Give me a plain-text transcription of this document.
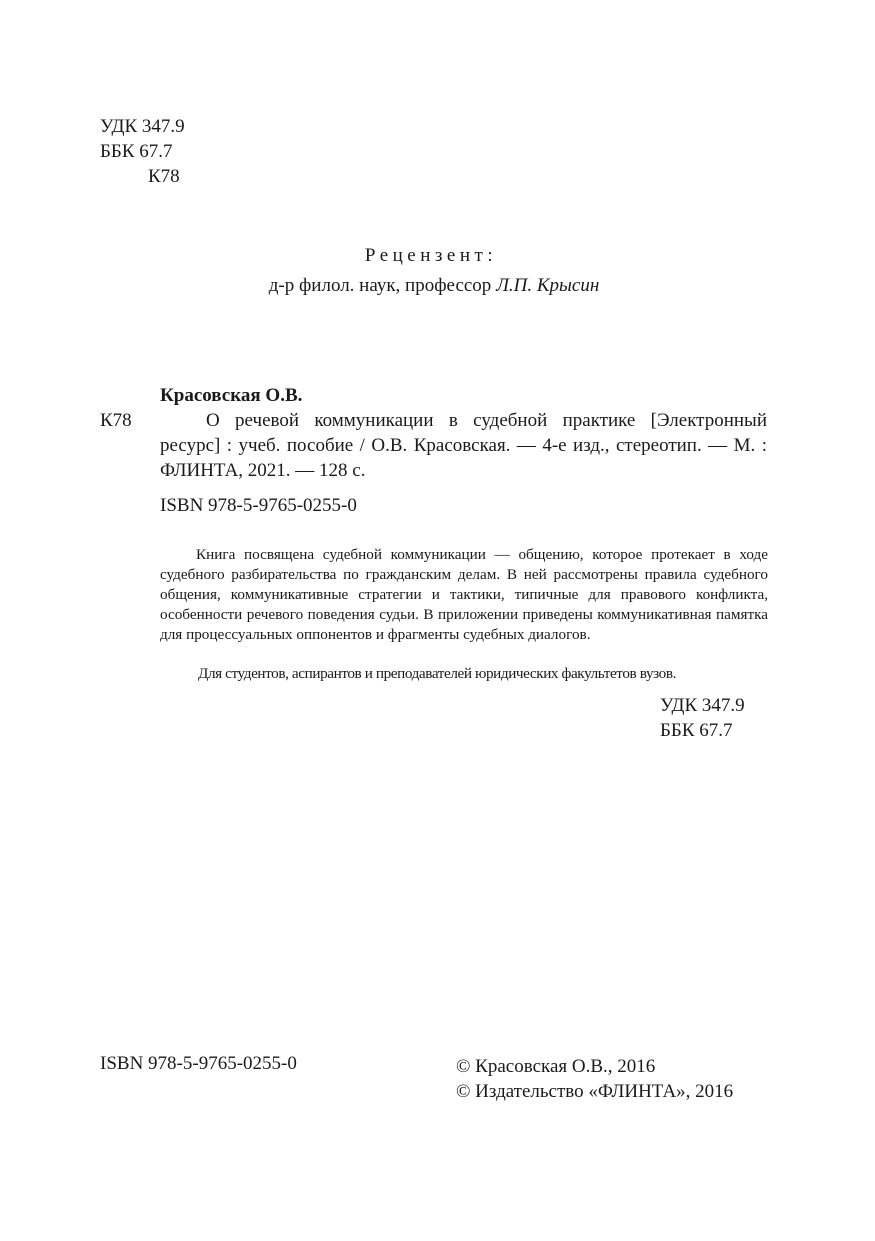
УДК 347.9
ББК 67.7
К78

Рецензент:

д-р филол. наук, профессор Л.П. Крысин

Красовская О.В.

К78	О речевой коммуникации в судебной практике [Электронный ресурс] : учеб. пособие / О.В. Красовская. — 4-е изд., стереотип. — М. : ФЛИНТА, 2021. — 128 с.

ISBN 978-5-9765-0255-0

Книга посвящена судебной коммуникации — общению, которое протекает в ходе судебного разбирательства по гражданским делам. В ней рассмотрены правила судебного общения, коммуникативные стратегии и тактики, типичные для правового конфликта, особенности речевого поведения судьи. В приложении приведены коммуникативная памятка для процессуальных оппонентов и фрагменты судебных диалогов.

Для студентов, аспирантов и преподавателей юридических факультетов вузов.

УДК 347.9
ББК 67.7

ISBN 978-5-9765-0255-0	© Красовская О.В., 2016
© Издательство «ФЛИНТА», 2016
